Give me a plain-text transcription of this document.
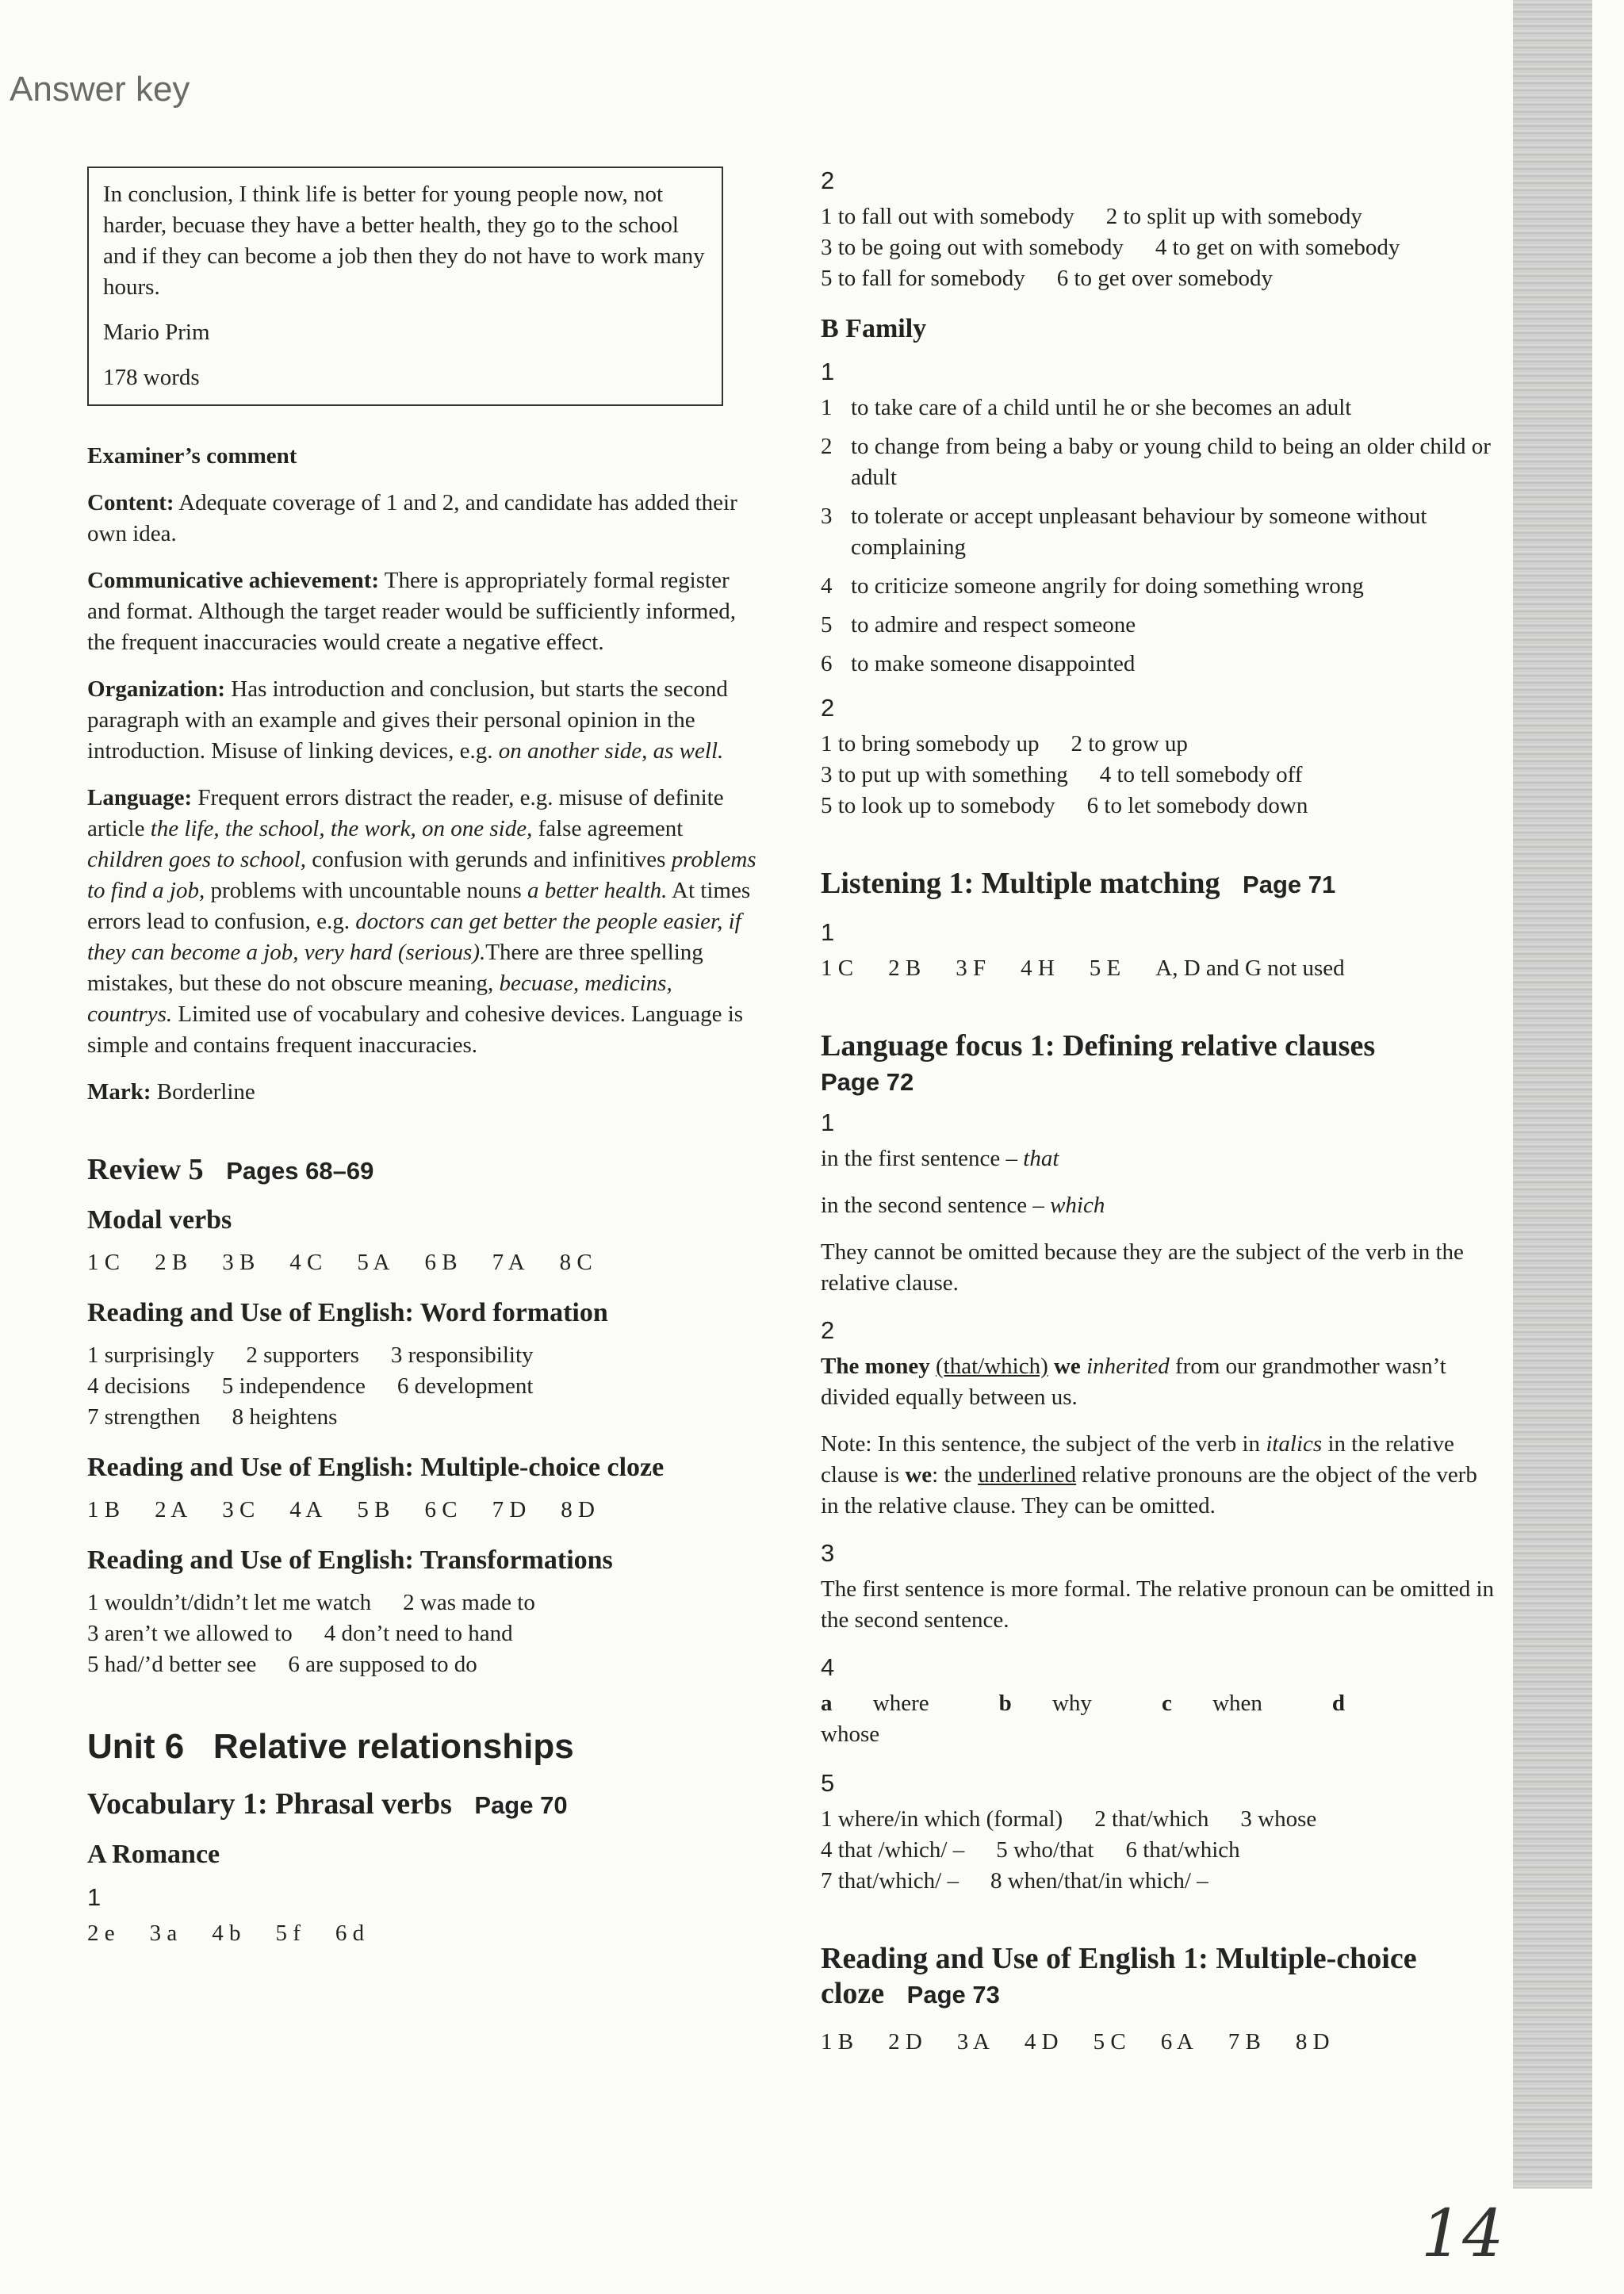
Answer key

In conclusion, I think life is better for young people now, not harder, becuase they have a better health, they go to the school and if they can become a job then they do not have to work many hours.

Mario Prim

178 words

Examiner’s comment

Content: Adequate coverage of 1 and 2, and candidate has added their own idea.

Communicative achievement: There is appropriately formal register and format. Although the target reader would be sufficiently informed, the frequent inaccuracies would create a negative effect.

Organization: Has introduction and conclusion, but starts the second paragraph with an example and gives their personal opinion in the introduction. Misuse of linking devices, e.g. on another side, as well.

Language: Frequent errors distract the reader, e.g. misuse of definite article the life, the school, the work, on one side, false agreement children goes to school, confusion with gerunds and infinitives problems to find a job, problems with uncountable nouns a better health. At times errors lead to confusion, e.g. doctors can get better the people easier, if they can become a job, very hard (serious).There are three spelling mistakes, but these do not obscure meaning, becuase, medicins, countrys. Limited use of vocabulary and cohesive devices. Language is simple and contains frequent inaccuracies.

Mark: Borderline

Review 5 Pages 68–69
Modal verbs
1 C 2 B 3 B 4 C 5 A 6 B 7 A 8 C
Reading and Use of English: Word formation
1 surprisingly 2 supporters 3 responsibility
4 decisions 5 independence 6 development
7 strengthen 8 heightens
Reading and Use of English: Multiple-choice cloze
1 B 2 A 3 C 4 A 5 B 6 C 7 D 8 D
Reading and Use of English: Transformations
1 wouldn’t/didn’t let me watch 2 was made to
3 aren’t we allowed to 4 don’t need to hand
5 had/’d better see 6 are supposed to do
Unit 6 Relative relationships
Vocabulary 1: Phrasal verbs Page 70
A Romance
1
2 e 3 a 4 b 5 f 6 d
2
1 to fall out with somebody 2 to split up with somebody
3 to be going out with somebody 4 to get on with somebody
5 to fall for somebody 6 to get over somebody
B Family
1
1 to take care of a child until he or she becomes an adult
2 to change from being a baby or young child to being an older child or adult
3 to tolerate or accept unpleasant behaviour by someone without complaining
4 to criticize someone angrily for doing something wrong
5 to admire and respect someone
6 to make someone disappointed
2
1 to bring somebody up 2 to grow up
3 to put up with something 4 to tell somebody off
5 to look up to somebody 6 to let somebody down
Listening 1: Multiple matching Page 71
1
1 C 2 B 3 F 4 H 5 E A, D and G not used
Language focus 1: Defining relative clauses
Page 72
1

in the first sentence – that

in the second sentence – which

They cannot be omitted because they are the subject of the verb in the relative clause.

2

The money (that/which) we inherited from our grandmother wasn’t divided equally between us.

Note: In this sentence, the subject of the verb in italics in the relative clause is we: the underlined relative pronouns are the object of the verb in the relative clause. They can be omitted.

3

The first sentence is more formal. The relative pronoun can be omitted in the second sentence.

4
a where	b why	c when	d whose
5
1 where/in which (formal) 2 that/which 3 whose
4 that /which/ – 5 who/that 6 that/which
7 that/which/ – 8 when/that/in which/ –
Reading and Use of English 1: Multiple-choice cloze Page 73
1 B 2 D 3 A 4 D 5 C 6 A 7 B 8 D
14
